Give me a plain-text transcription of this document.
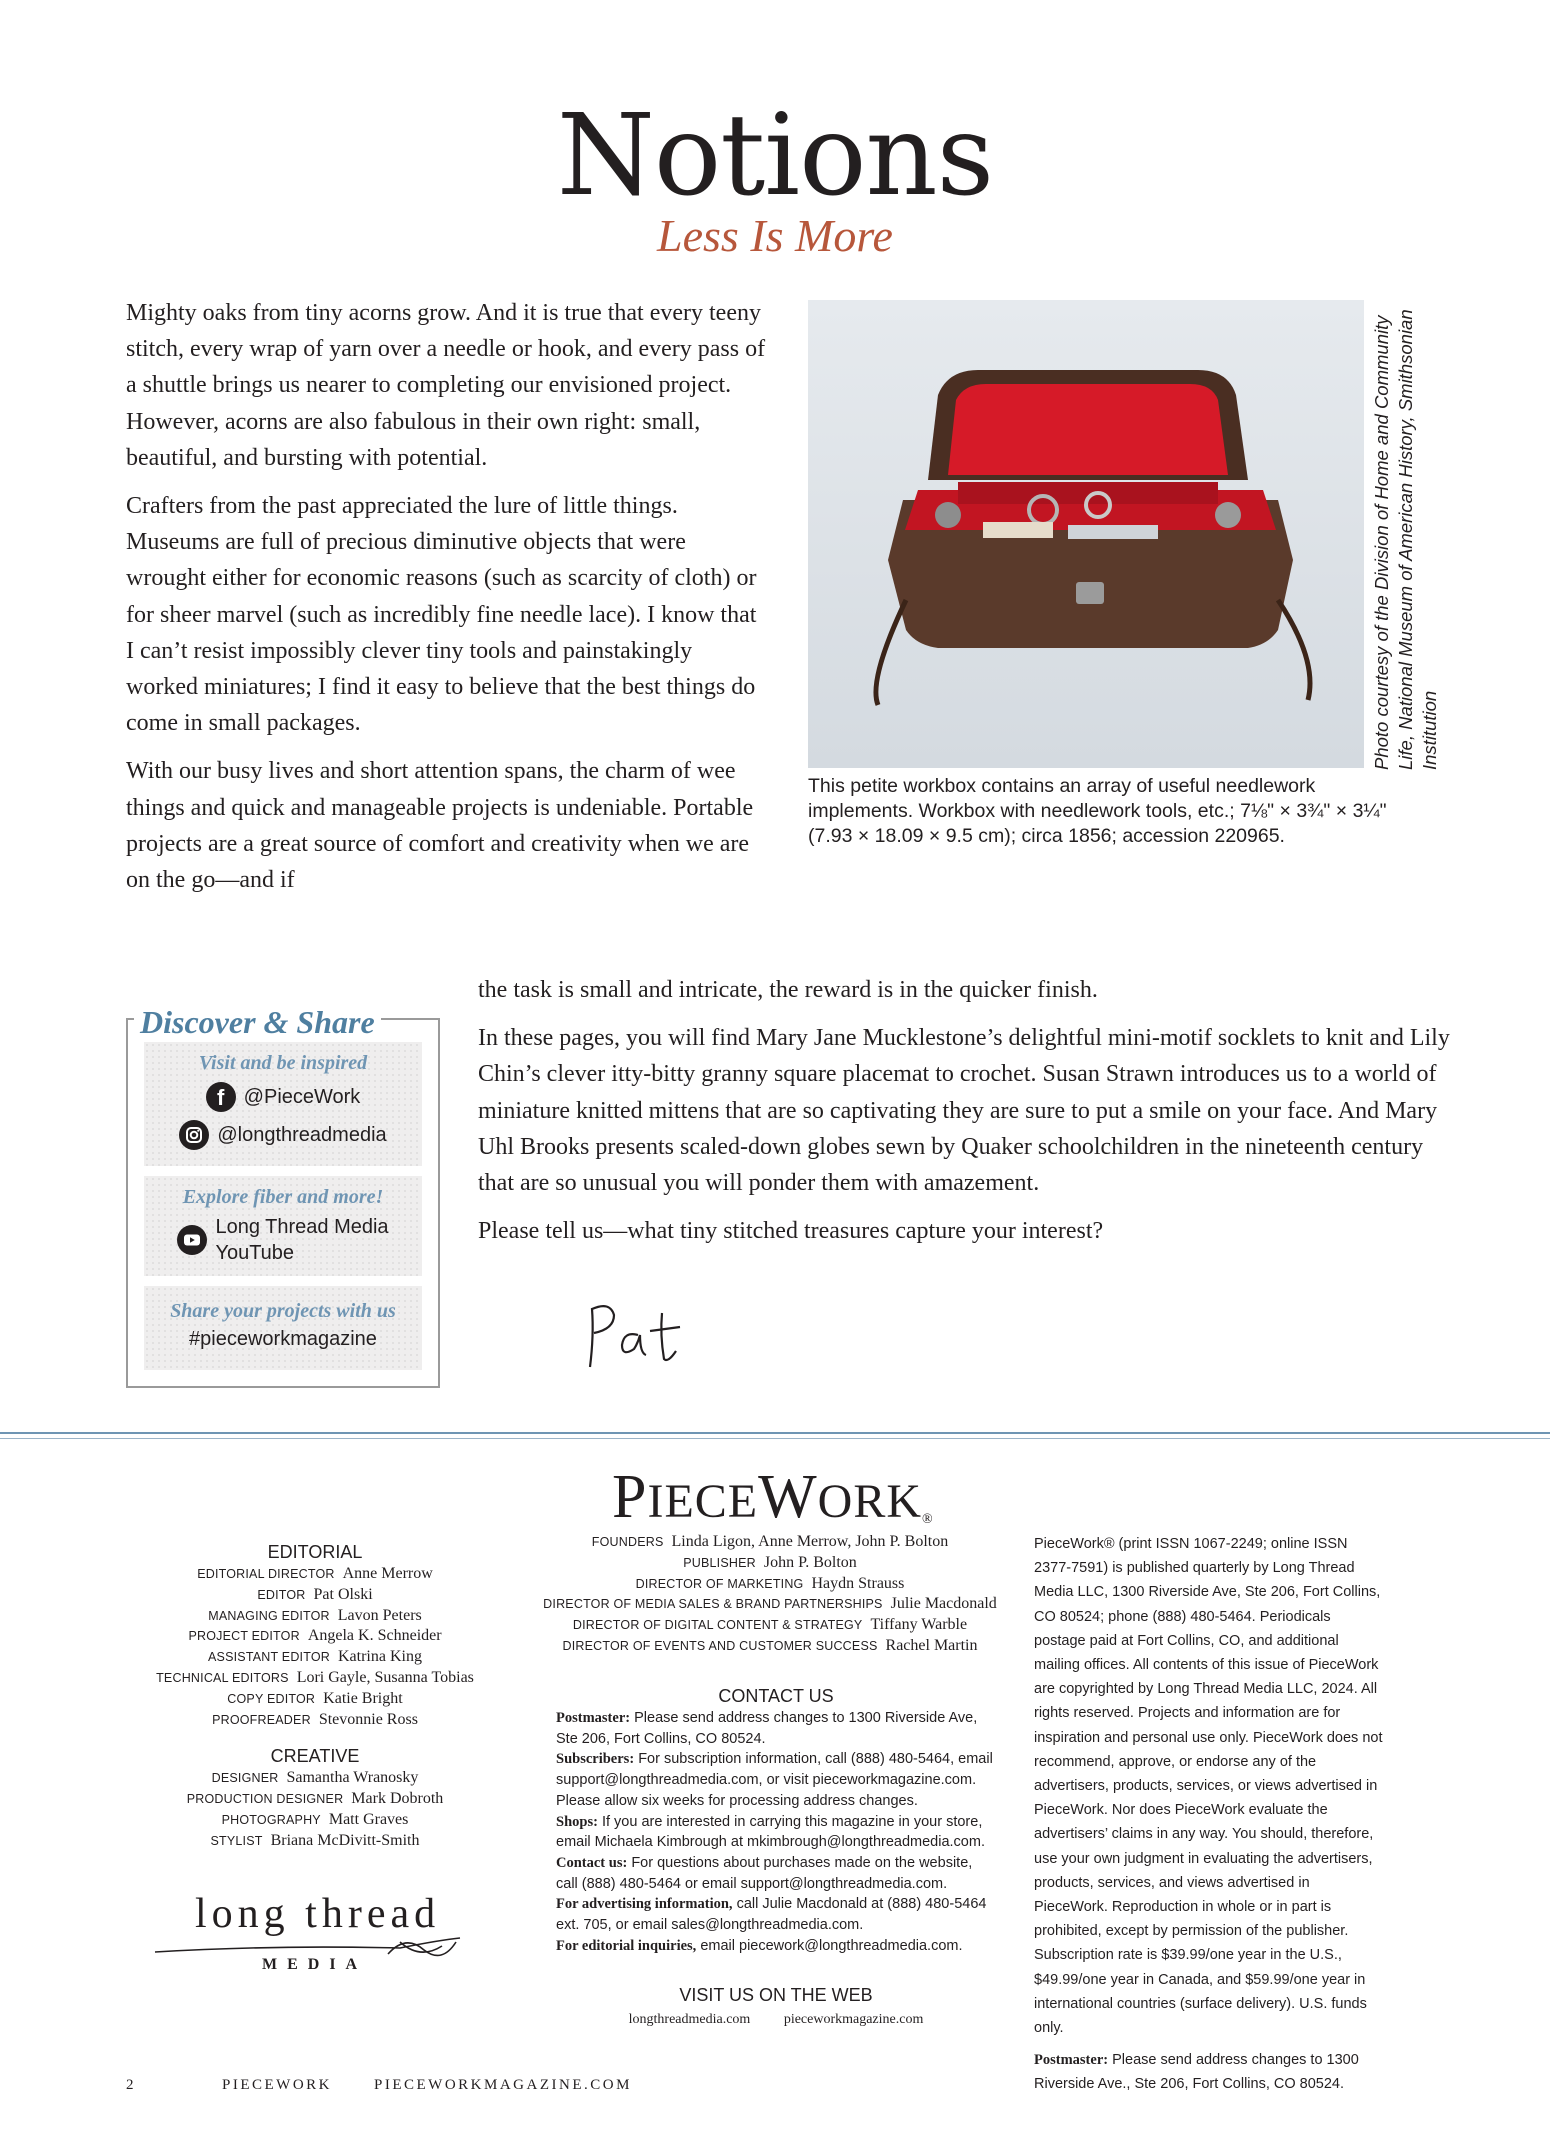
Notions
Less Is More

Mighty oaks from tiny acorns grow. And it is true that every teeny stitch, every wrap of yarn over a needle or hook, and every pass of a shuttle brings us nearer to completing our envisioned project. However, acorns are also fabulous in their own right: small, beautiful, and bursting with potential.

Crafters from the past appreciated the lure of little things. Museums are full of precious diminutive objects that were wrought either for economic reasons (such as scarcity of cloth) or for sheer marvel (such as incredibly fine needle lace). I know that I can’t resist impossibly clever tiny tools and painstakingly worked miniatures; I find it easy to believe that the best things do come in small packages.

With our busy lives and short attention spans, the charm of wee things and quick and manageable projects is undeniable. Portable projects are a great source of comfort and creativity when we are on the go—and if

Photo courtesy of the Division of Home and Community Life, National Museum of American History, Smithsonian Institution
This petite workbox contains an array of useful needlework implements. Workbox with needlework tools, etc.; 7⅛" × 3¾" × 3¼" (7.93 × 18.09 × 9.5 cm); circa 1856; accession 220965.

the task is small and intricate, the reward is in the quicker finish.

In these pages, you will find Mary Jane Mucklestone’s delightful mini-motif socklets to knit and Lily Chin’s clever itty-bitty granny square placemat to crochet. Susan Strawn introduces us to a world of miniature knitted mittens that are so captivating they are sure to put a smile on your face. And Mary Uhl Brooks presents scaled-down globes sewn by Quaker schoolchildren in the nineteenth century that are so unusual you will ponder them with amazement.

Please tell us—what tiny stitched treasures capture your interest?

Visit and be inspired
f @PieceWork
@longthreadmedia
Explore fiber and more!
Long Thread Media
YouTube
Share your projects with us
#pieceworkmagazine
Discover & Share
PIECEWORK®
EDITORIAL
EDITORIAL DIRECTOR Anne Merrow
EDITOR Pat Olski
MANAGING EDITOR Lavon Peters
PROJECT EDITOR Angela K. Schneider
ASSISTANT EDITOR Katrina King
TECHNICAL EDITORS Lori Gayle, Susanna Tobias
COPY EDITOR Katie Bright
PROOFREADER Stevonnie Ross
CREATIVE
DESIGNER Samantha Wranosky
PRODUCTION DESIGNER Mark Dobroth
PHOTOGRAPHY Matt Graves
STYLIST Briana McDivitt-Smith
long thread
MEDIA
FOUNDERS Linda Ligon, Anne Merrow, John P. Bolton
PUBLISHER John P. Bolton
DIRECTOR OF MARKETING Haydn Strauss
DIRECTOR OF MEDIA SALES & BRAND PARTNERSHIPS Julie Macdonald
DIRECTOR OF DIGITAL CONTENT & STRATEGY Tiffany Warble
DIRECTOR OF EVENTS AND CUSTOMER SUCCESS Rachel Martin
CONTACT US
Postmaster: Please send address changes to 1300 Riverside Ave, Ste 206, Fort Collins, CO 80524.
Subscribers: For subscription information, call (888) 480-5464, email support@longthreadmedia.com, or visit pieceworkmagazine.com. Please allow six weeks for processing address changes.
Shops: If you are interested in carrying this magazine in your store, email Michaela Kimbrough at mkimbrough@longthreadmedia.com.
Contact us: For questions about purchases made on the website, call (888) 480-5464 or email support@longthreadmedia.com.
For advertising information, call Julie Macdonald at (888) 480-5464 ext. 705, or email sales@longthreadmedia.com.
For editorial inquiries, email piecework@longthreadmedia.com.
VISIT US ON THE WEB
longthreadmedia.com pieceworkmagazine.com
PieceWork® (print ISSN 1067-2249; online ISSN 2377-7591) is published quarterly by Long Thread Media LLC, 1300 Riverside Ave, Ste 206, Fort Collins, CO 80524; phone (888) 480-5464. Periodicals postage paid at Fort Collins, CO, and additional mailing offices. All contents of this issue of PieceWork are copyrighted by Long Thread Media LLC, 2024. All rights reserved. Projects and information are for inspiration and personal use only. PieceWork does not recommend, approve, or endorse any of the advertisers, products, services, or views advertised in PieceWork. Nor does PieceWork evaluate the advertisers’ claims in any way. You should, therefore, use your own judgment in evaluating the advertisers, products, services, and views advertised in PieceWork. Reproduction in whole or in part is prohibited, except by permission of the publisher. Subscription rate is $39.99/one year in the U.S., $49.99/one year in Canada, and $59.99/one year in international countries (surface delivery). U.S. funds only.
Postmaster: Please send address changes to 1300 Riverside Ave., Ste 206, Fort Collins, CO 80524.
2	PIECEWORK	PIECEWORKMAGAZINE.COM
